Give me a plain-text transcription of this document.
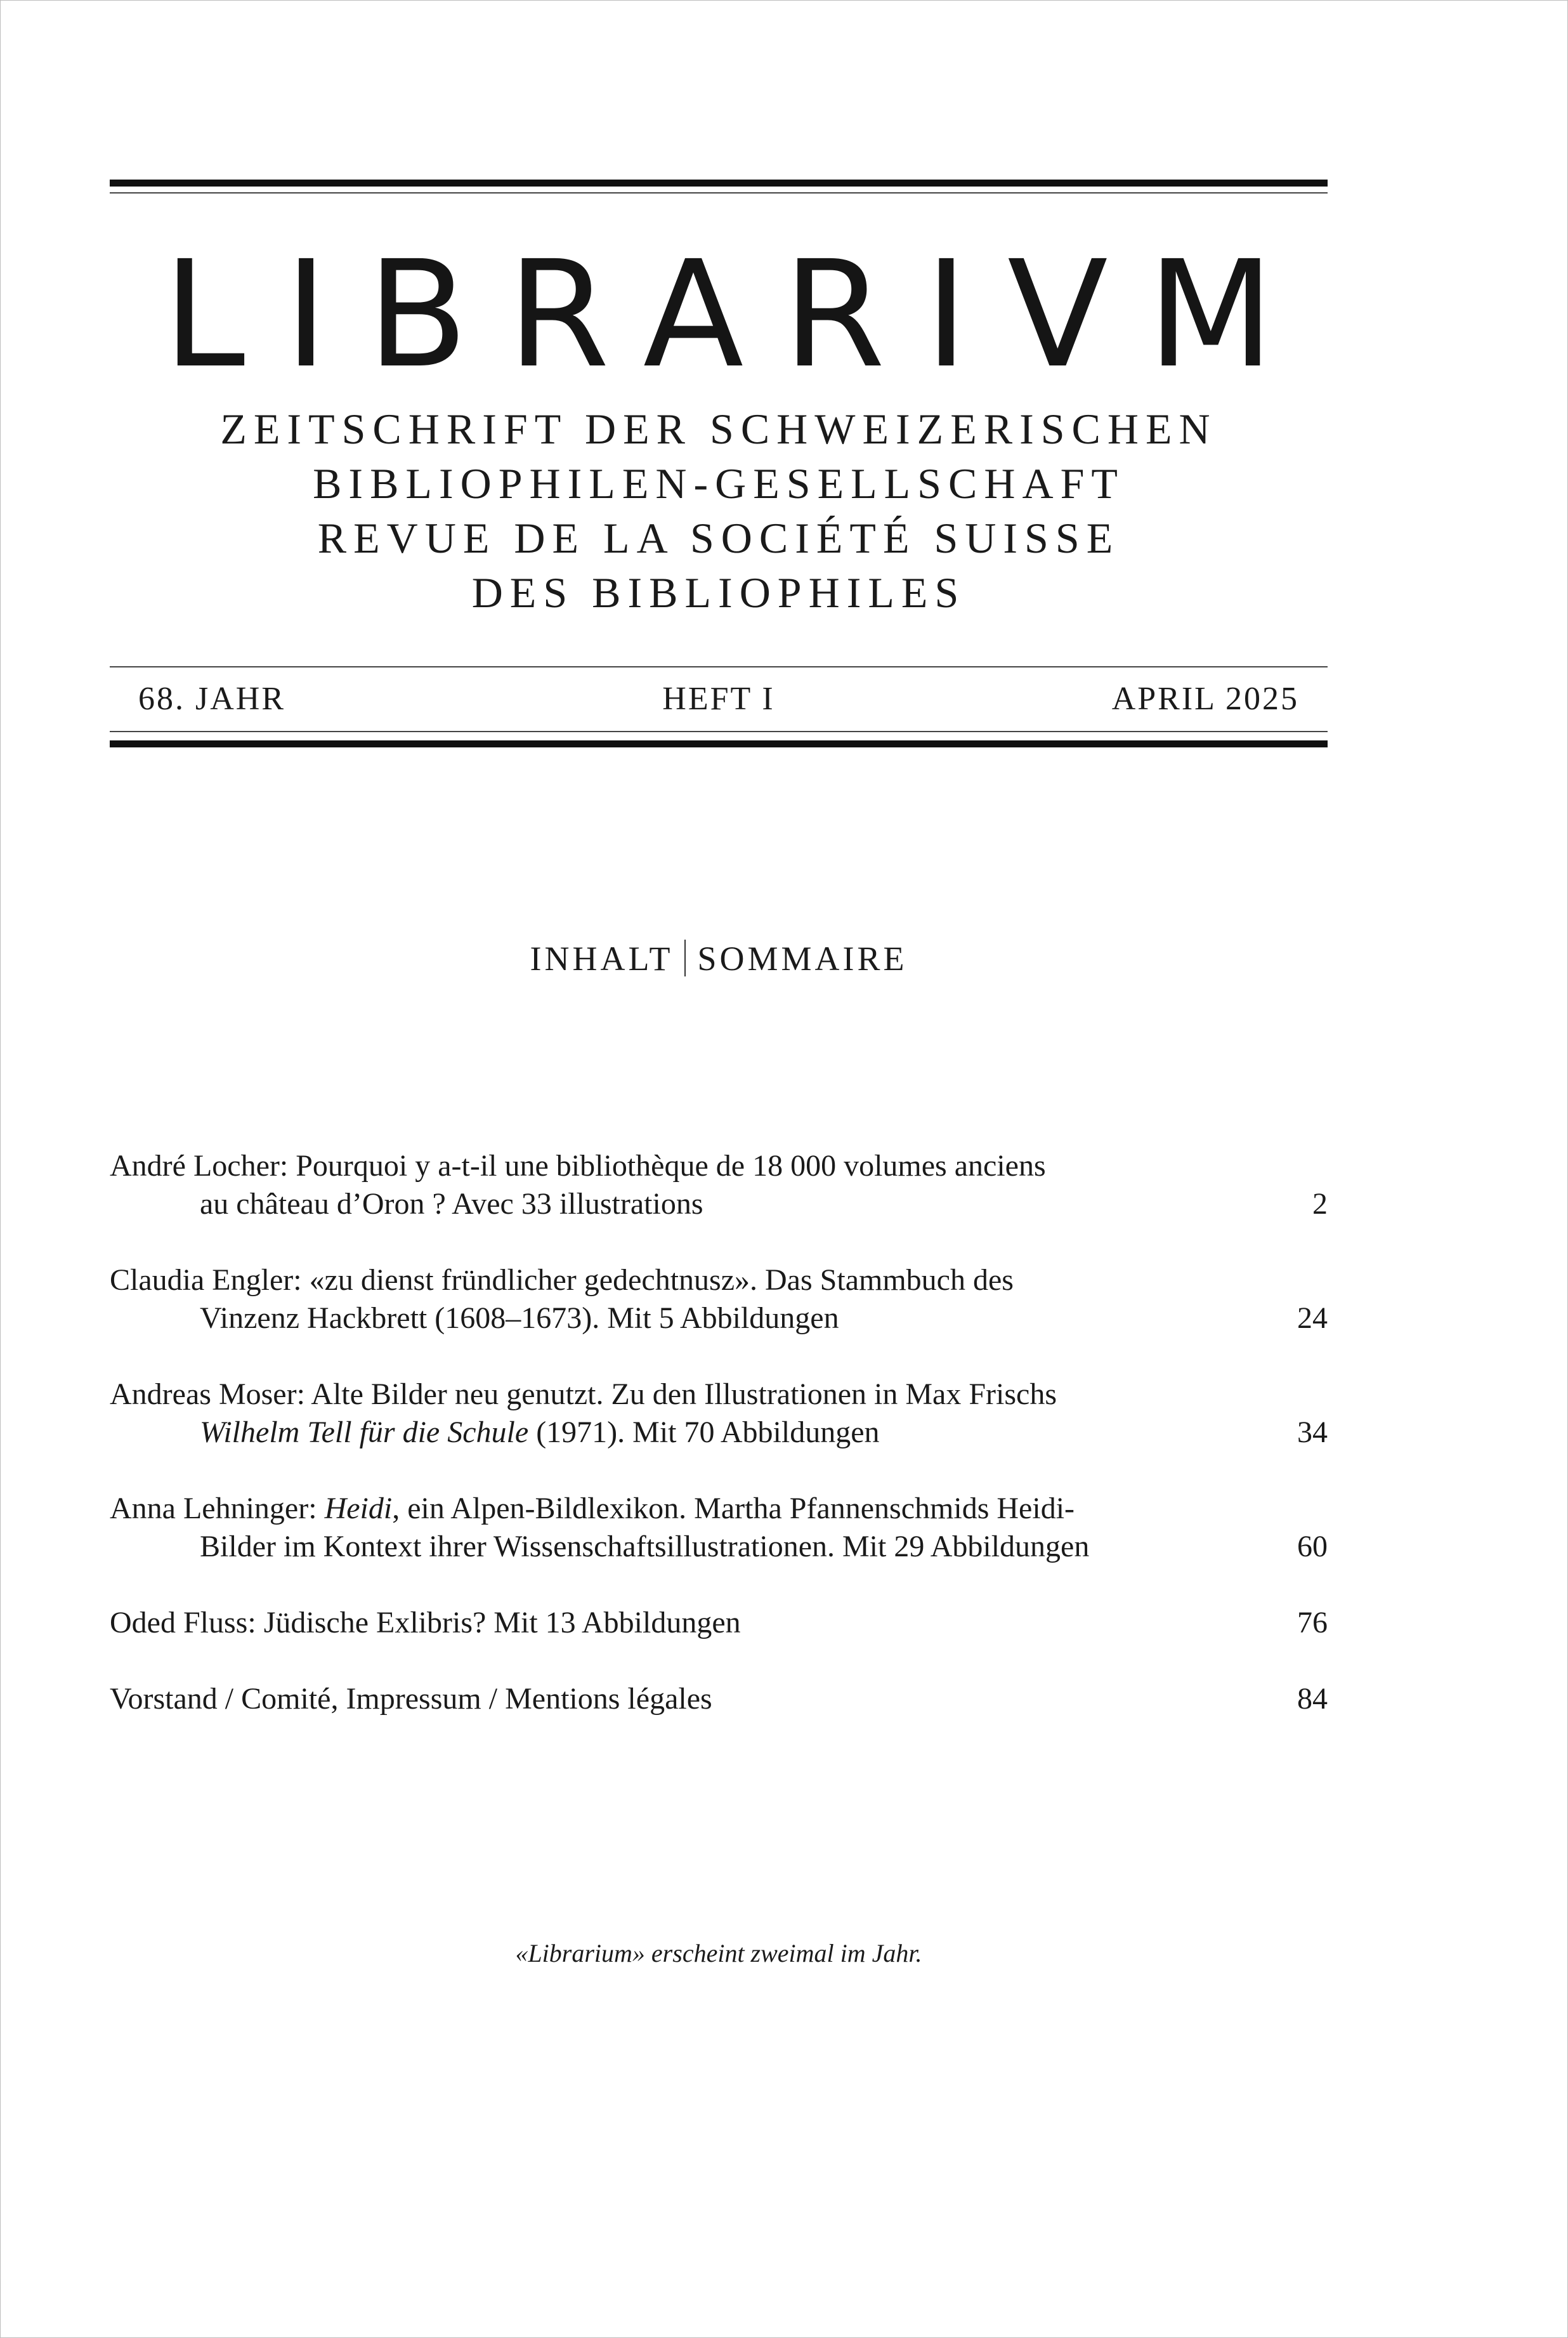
LIBRARIVM
ZEITSCHRIFT DER SCHWEIZERISCHEN
BIBLIOPHILEN-GESELLSCHAFT
REVUE DE LA SOCIÉTÉ SUISSE
DES BIBLIOPHILES
68. JAHR	HEFT I	APRIL 2025
INHALT SOMMAIRE
André Locher: Pourquoi y a-t-il une bibliothèque de 18 000 volumes anciens
au château d’Oron ? Avec 33 illustrations	2
Claudia Engler: «zu dienst fründlicher gedechtnusz». Das Stammbuch des
Vinzenz Hackbrett (1608–1673). Mit 5 Abbildungen	24
Andreas Moser: Alte Bilder neu genutzt. Zu den Illustrationen in Max Frischs
Wilhelm Tell für die Schule (1971). Mit 70 Abbildungen	34
Anna Lehninger: Heidi, ein Alpen-Bildlexikon. Martha Pfannenschmids Heidi-
Bilder im Kontext ihrer Wissenschaftsillustrationen. Mit 29 Abbildungen	60
Oded Fluss: Jüdische Exlibris? Mit 13 Abbildungen	76
Vorstand / Comité, Impressum / Mentions légales	84
«Librarium» erscheint zweimal im Jahr.
